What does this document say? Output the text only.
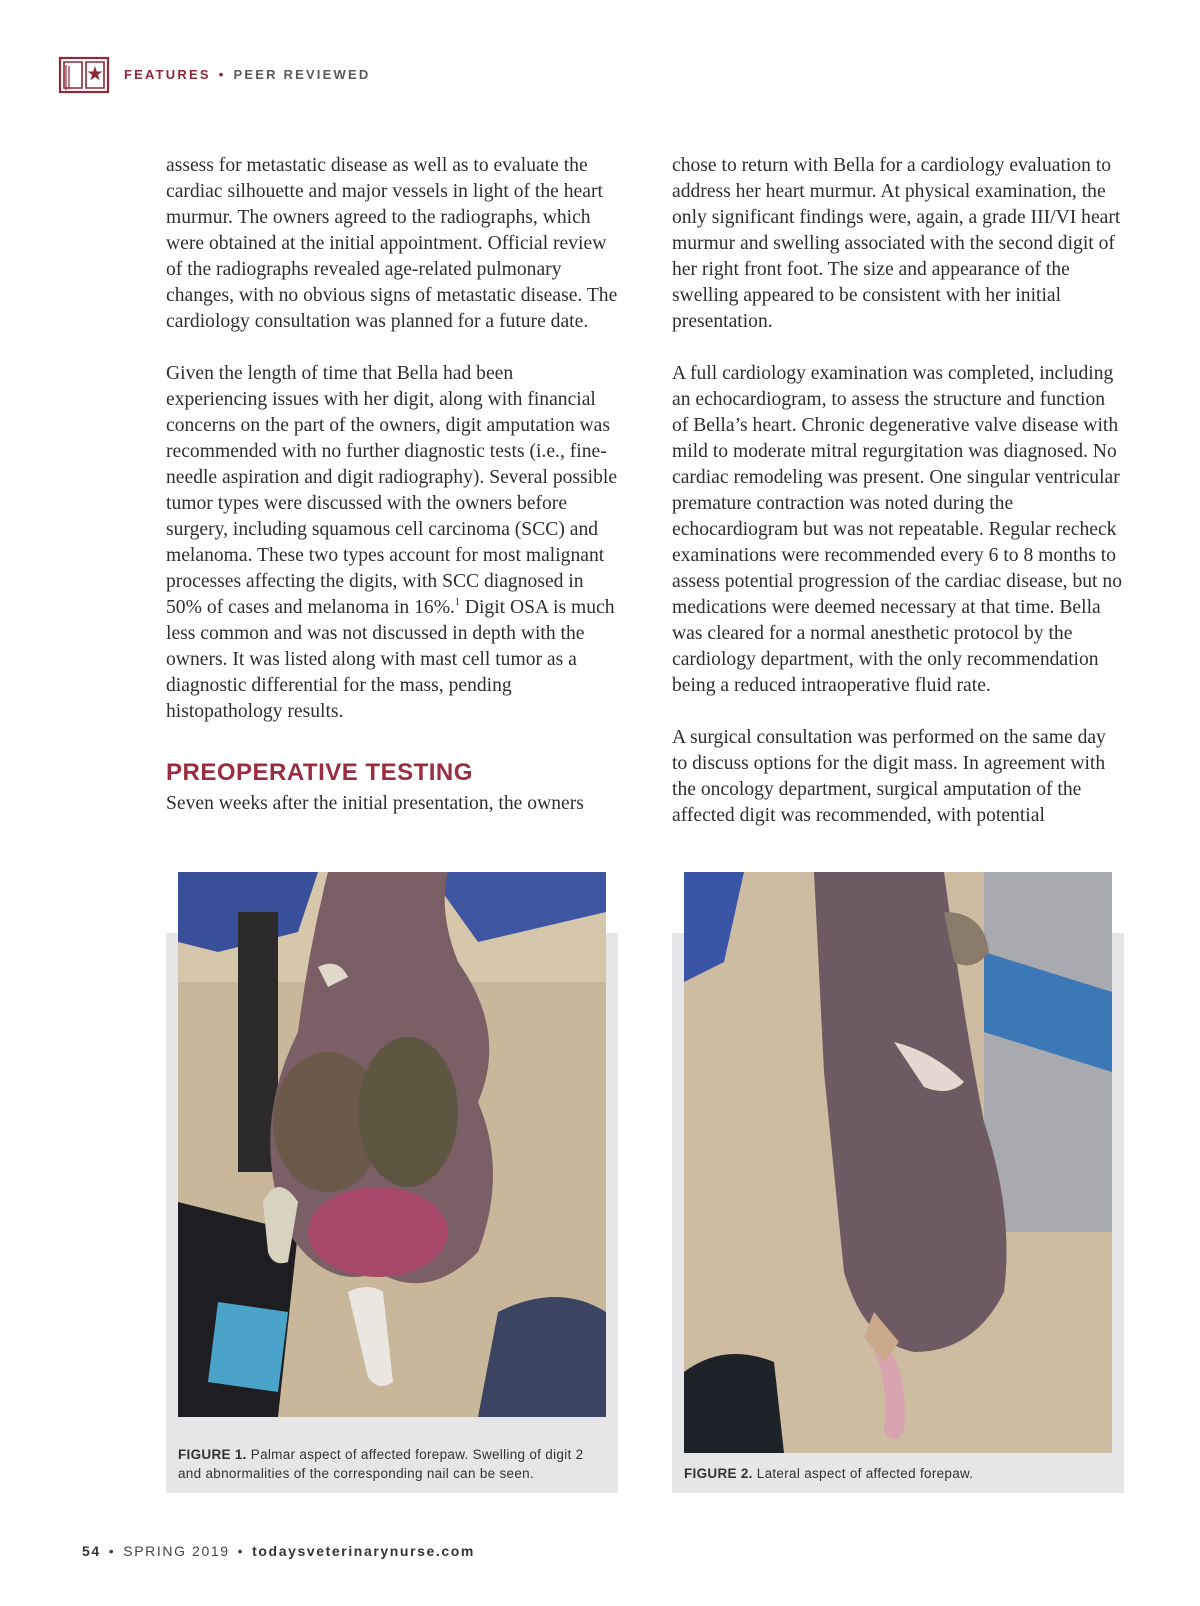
FEATURES • PEER REVIEWED

assess for metastatic disease as well as to evaluate the cardiac silhouette and major vessels in light of the heart murmur. The owners agreed to the radiographs, which were obtained at the initial appointment. Official review of the radiographs revealed age-related pulmonary changes, with no obvious signs of metastatic disease. The cardiology consultation was planned for a future date.

Given the length of time that Bella had been experiencing issues with her digit, along with financial concerns on the part of the owners, digit amputation was recommended with no further diagnostic tests (i.e., fine-needle aspiration and digit radiography). Several possible tumor types were discussed with the owners before surgery, including squamous cell carcinoma (SCC) and melanoma. These two types account for most malignant processes affecting the digits, with SCC diagnosed in 50% of cases and melanoma in 16%.$^1$ Digit OSA is much less common and was not discussed in depth with the owners. It was listed along with mast cell tumor as a diagnostic differential for the mass, pending histopathology results.

PREOPERATIVE TESTING

Seven weeks after the initial presentation, the owners

chose to return with Bella for a cardiology evaluation to address her heart murmur. At physical examination, the only significant findings were, again, a grade III/VI heart murmur and swelling associated with the second digit of her right front foot. The size and appearance of the swelling appeared to be consistent with her initial presentation.

A full cardiology examination was completed, including an echocardiogram, to assess the structure and function of Bella’s heart. Chronic degenerative valve disease with mild to moderate mitral regurgitation was diagnosed. No cardiac remodeling was present. One singular ventricular premature contraction was noted during the echocardiogram but was not repeatable. Regular recheck examinations were recommended every 6 to 8 months to assess potential progression of the cardiac disease, but no medications were deemed necessary at that time. Bella was cleared for a normal anesthetic protocol by the cardiology department, with the only recommendation being a reduced intraoperative fluid rate.

A surgical consultation was performed on the same day to discuss options for the digit mass. In agreement with the oncology department, surgical amputation of the affected digit was recommended, with potential

FIGURE 1. Palmar aspect of affected forepaw. Swelling of digit 2 and abnormalities of the corresponding nail can be seen.	FIGURE 2. Lateral aspect of affected forepaw.
54 • SPRING 2019 • todaysveterinarynurse.com
